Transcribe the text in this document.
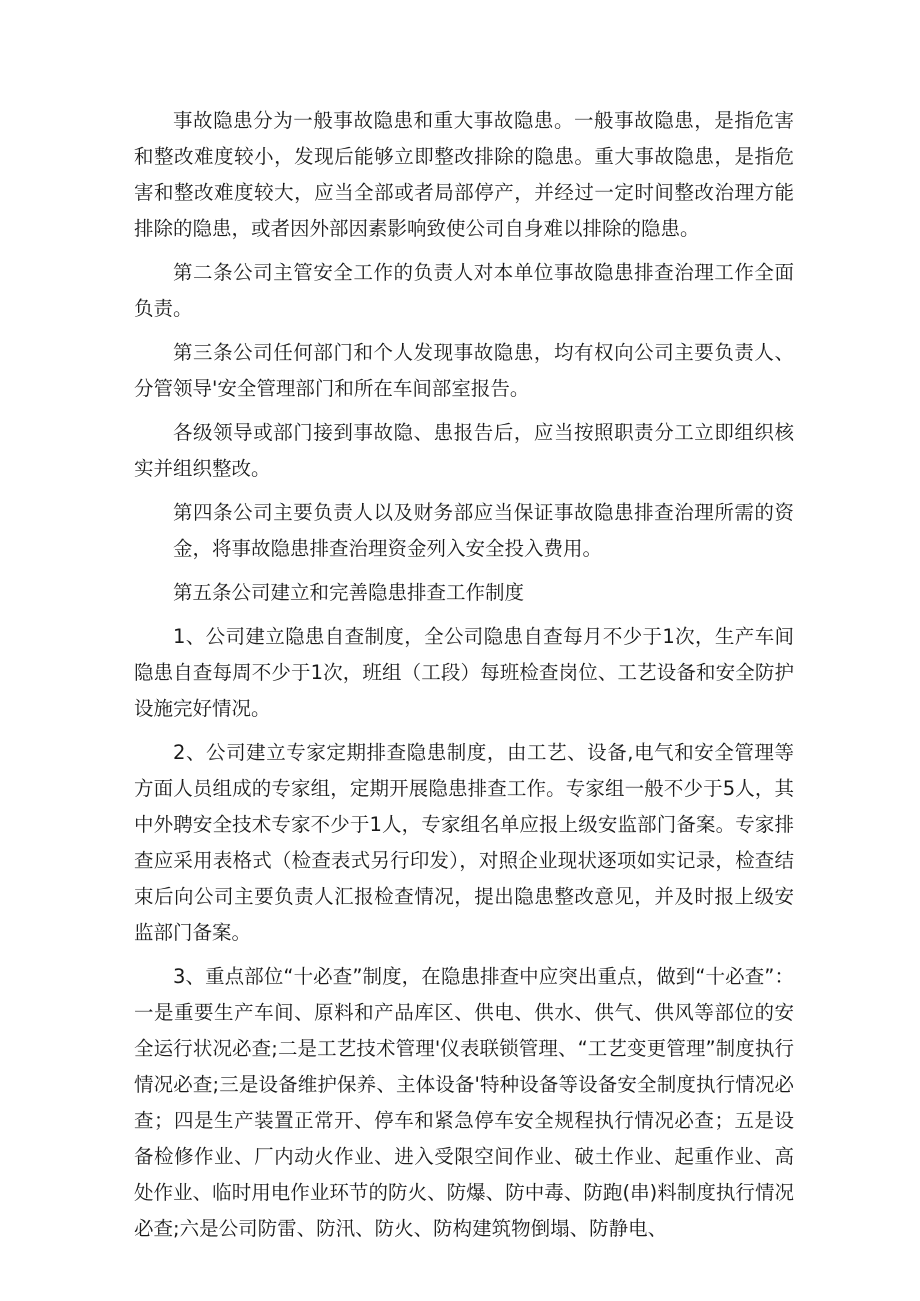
事故隐患分为一般事故隐患和重大事故隐患。一般事故隐患，是指危害和整改难度较小，发现后能够立即整改排除的隐患。重大事故隐患，是指危害和整改难度较大，应当全部或者局部停产，并经过一定时间整改治理方能排除的隐患，或者因外部因素影响致使公司自身难以排除的隐患。

第二条公司主管安全工作的负责人对本单位事故隐患排查治理工作全面负责。

第三条公司任何部门和个人发现事故隐患，均有权向公司主要负责人、分管领导'安全管理部门和所在车间部室报告。

各级领导或部门接到事故隐、患报告后，应当按照职责分工立即组织核实并组织整改。

第四条公司主要负责人以及财务部应当保证事故隐患排查治理所需的资金，将事故隐患排查治理资金列入安全投入费用。

第五条公司建立和完善隐患排查工作制度

1、公司建立隐患自查制度，全公司隐患自查每月不少于1次，生产车间隐患自查每周不少于1次，班组（工段）每班检查岗位、工艺设备和安全防护设施完好情况。

2、公司建立专家定期排查隐患制度，由工艺、设备,电气和安全管理等方面人员组成的专家组，定期开展隐患排查工作。专家组一般不少于5人，其中外聘安全技术专家不少于1人，专家组名单应报上级安监部门备案。专家排查应采用表格式（检查表式另行印发），对照企业现状逐项如实记录，检查结束后向公司主要负责人汇报检查情况，提出隐患整改意见，并及时报上级安监部门备案。

3、重点部位“十必查”制度，在隐患排查中应突出重点，做到“十必查”：一是重要生产车间、原料和产品库区、供电、供水、供气、供风等部位的安全运行状况必查;二是工艺技术管理'仪表联锁管理、“工艺变更管理”制度执行情况必查;三是设备维护保养、主体设备'特种设备等设备安全制度执行情况必查；四是生产装置正常开、停车和紧急停车安全规程执行情况必查；五是设备检修作业、厂内动火作业、进入受限空间作业、破土作业、起重作业、高处作业、临时用电作业环节的防火、防爆、防中毒、防跑(串)料制度执行情况必查;六是公司防雷、防汛、防火、防构建筑物倒塌、防静电、
